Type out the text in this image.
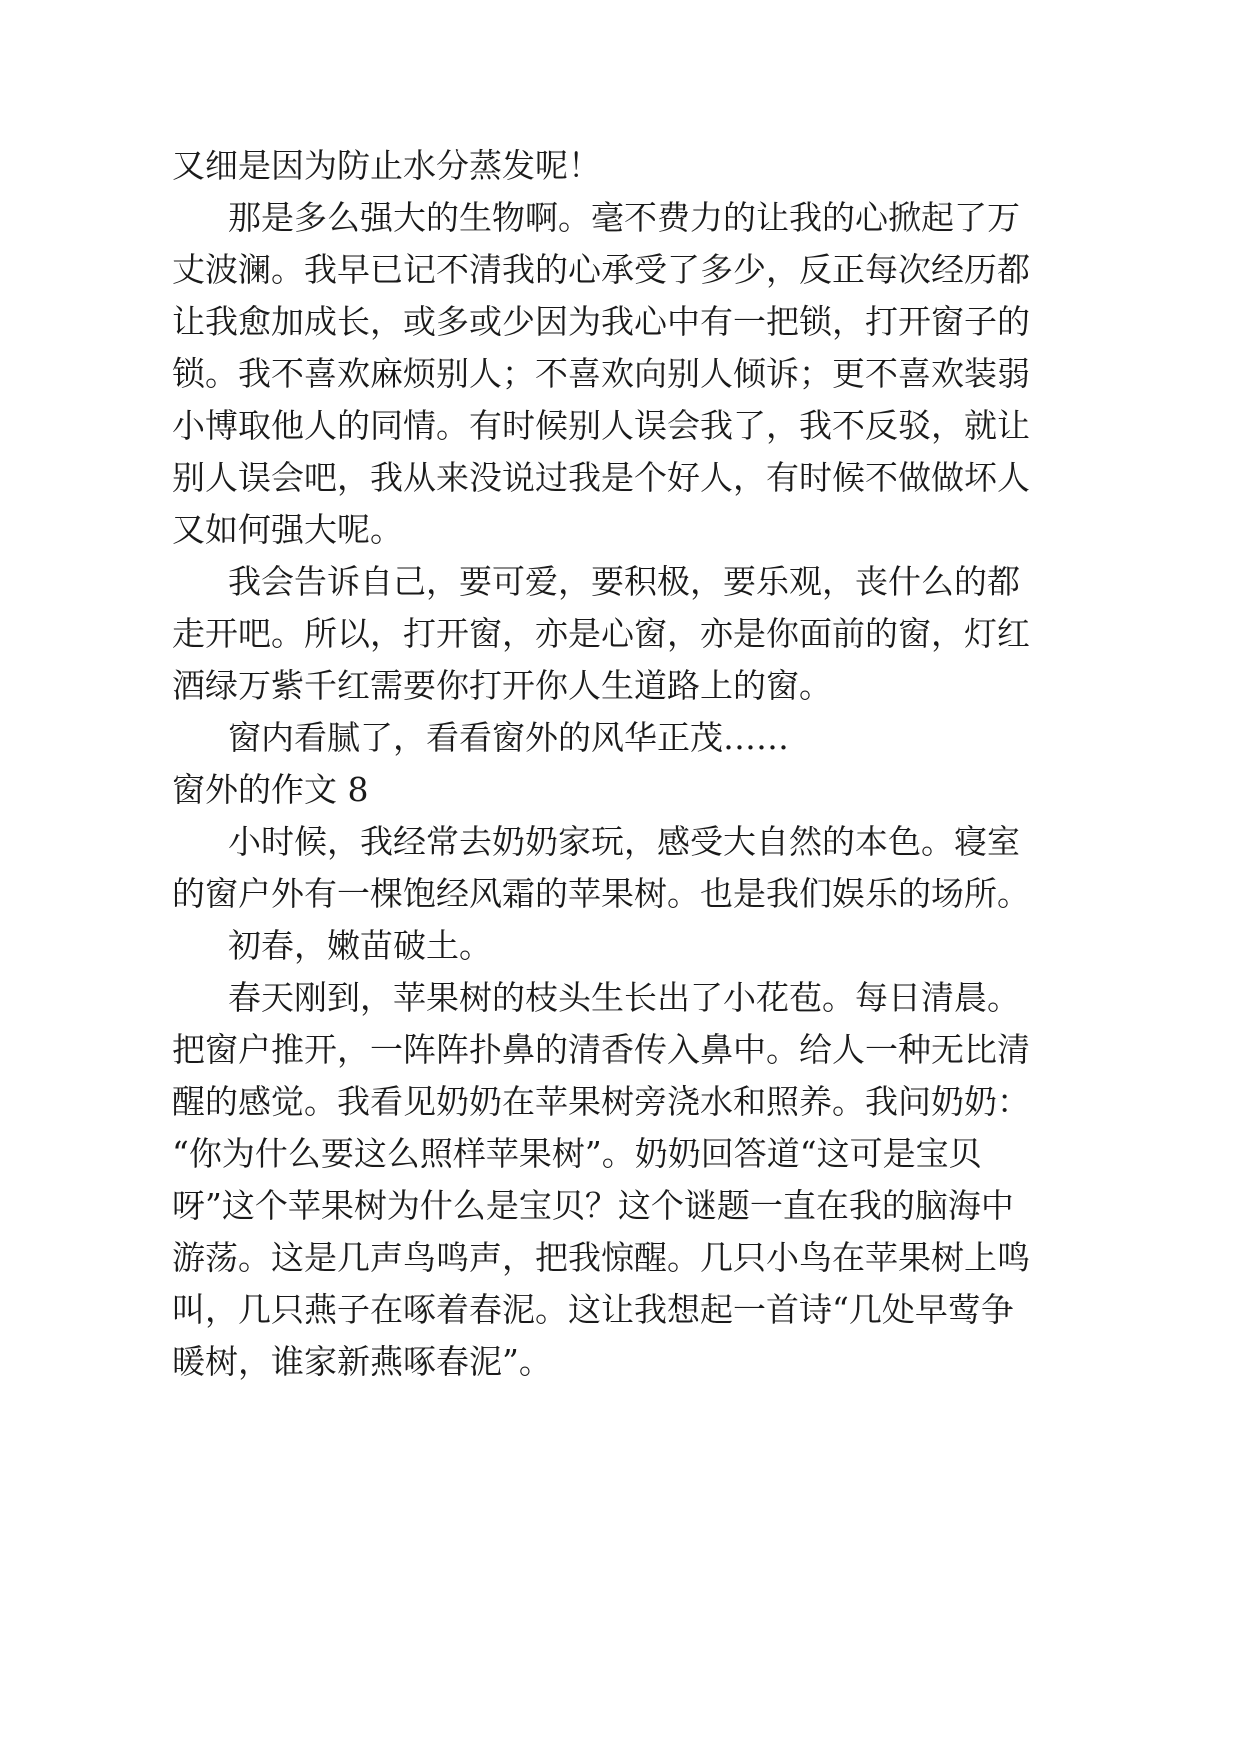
又细是因为防止水分蒸发呢！
那是多么强大的生物啊。毫不费力的让我的心掀起了万
丈波澜。我早已记不清我的心承受了多少，反正每次经历都
让我愈加成长，或多或少因为我心中有一把锁，打开窗子的
锁。我不喜欢麻烦别人；不喜欢向别人倾诉；更不喜欢装弱
小博取他人的同情。有时候别人误会我了，我不反驳，就让
别人误会吧，我从来没说过我是个好人，有时候不做做坏人
又如何强大呢。
我会告诉自己，要可爱，要积极，要乐观，丧什么的都
走开吧。所以，打开窗，亦是心窗，亦是你面前的窗，灯红
酒绿万紫千红需要你打开你人生道路上的窗。
窗内看腻了，看看窗外的风华正茂……
窗外的作文 8
小时候，我经常去奶奶家玩，感受大自然的本色。寝室
的窗户外有一棵饱经风霜的苹果树。也是我们娱乐的场所。
初春，嫩苗破土。
春天刚到，苹果树的枝头生长出了小花苞。每日清晨。
把窗户推开，一阵阵扑鼻的清香传入鼻中。给人一种无比清
醒的感觉。我看见奶奶在苹果树旁浇水和照养。我问奶奶：
“你为什么要这么照样苹果树”。奶奶回答道“这可是宝贝
呀”这个苹果树为什么是宝贝？这个谜题一直在我的脑海中
游荡。这是几声鸟鸣声，把我惊醒。几只小鸟在苹果树上鸣
叫，几只燕子在啄着春泥。这让我想起一首诗“几处早莺争
暖树，谁家新燕啄春泥”。
